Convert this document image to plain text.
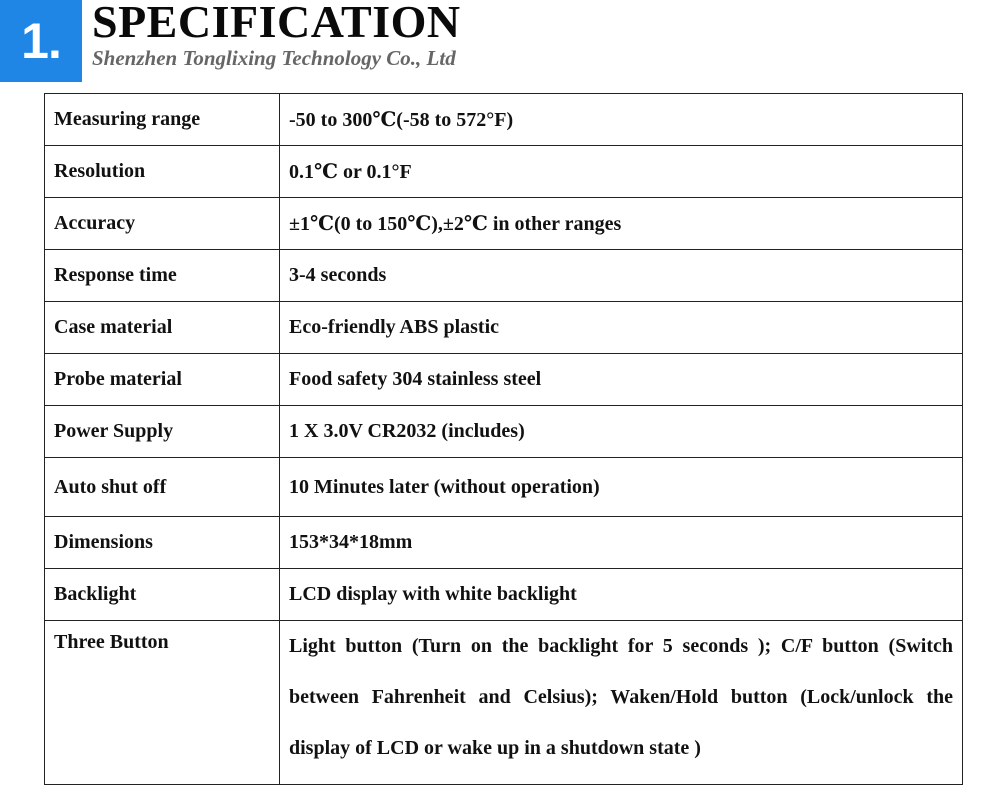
1. SPECIFICATION
Shenzhen Tonglixing Technology Co., Ltd
Measuring range	-50 to 300℃(-58 to 572°F)
Resolution	0.1℃ or 0.1°F
Accuracy	±1℃(0 to 150℃),±2℃ in other ranges
Response time	3-4 seconds
Case material	Eco-friendly ABS plastic
Probe material	Food safety 304 stainless steel
Power Supply	1 X 3.0V CR2032 (includes)
Auto shut off	10 Minutes later (without operation)
Dimensions	153*34*18mm
Backlight	LCD display with white backlight
Three Button	Light button (Turn on the backlight for 5 seconds ); C/F button (Switch between Fahrenheit and Celsius); Waken/Hold button (Lock/unlock the display of LCD or wake up in a shutdown state )
